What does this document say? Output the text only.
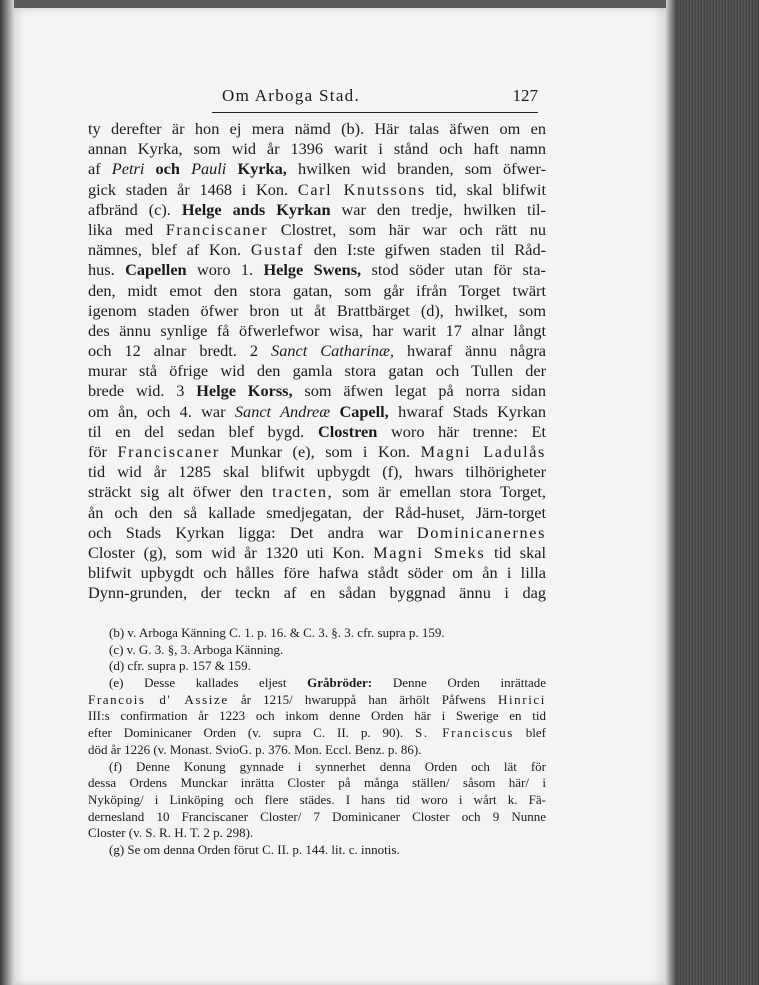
Om Arboga Stad.	127
ty derefter är hon ej mera nämd (b). Här talas äfwen om en
annan Kyrka, som wid år 1396 warit i stånd och haft namn
af Petri och Pauli Kyrka, hwilken wid branden, som öfwer-
gick staden år 1468 i Kon. Carl Knutssons tid, skal blifwit
afbränd (c). Helge ands Kyrkan war den tredje, hwilken til-
lika med Franciscaner Clostret, som här war och rätt nu
nämnes, blef af Kon. Gustaf den I:ste gifwen staden til Råd-
hus. Capellen woro 1. Helge Swens, stod söder utan för sta-
den, midt emot den stora gatan, som går ifrån Torget twärt
igenom staden öfwer bron ut åt Brattbärget (d), hwilket, som
des ännu synlige få öfwerlefwor wisa, har warit 17 alnar långt
och 12 alnar bredt. 2 Sanct Catharinæ, hwaraf ännu några
murar stå öfrige wid den gamla stora gatan och Tullen der
brede wid. 3 Helge Korss, som äfwen legat på norra sidan
om ån, och 4. war Sanct Andreæ Capell, hwaraf Stads Kyrkan
til en del sedan blef bygd. Clostren woro här trenne: Et
för Franciscaner Munkar (e), som i Kon. Magni Ladulås
tid wid år 1285 skal blifwit upbygdt (f), hwars tilhörigheter
sträckt sig alt öfwer den tracten, som är emellan stora Torget,
ån och den så kallade smedjegatan, der Råd-huset, Järn-torget
och Stads Kyrkan ligga: Det andra war Dominicanernes
Closter (g), som wid år 1320 uti Kon. Magni Smeks tid skal
blifwit upbygdt och hålles före hafwa stådt söder om ån i lilla
Dynn-grunden, der teckn af en sådan byggnad ännu i dag
(b) v. Arboga Känning C. 1. p. 16. & C. 3. §. 3. cfr. supra p. 159.
(c) v. G. 3. §, 3. Arboga Känning.
(d) cfr. supra p. 157 & 159.
(e) Desse kallades eljest Gråbröder: Denne Orden inrättade
Francois d' Assize år 1215/ hwaruppå han ärhölt Påfwens Hinrici
III:s confirmation år 1223 och inkom denne Orden här i Swerige en tid
efter Dominicaner Orden (v. supra C. II. p. 90). S. Franciscus blef
död år 1226 (v. Monast. SvioG. p. 376. Mon. Eccl. Benz. p. 86).
(f) Denne Konung gynnade i synnerhet denna Orden och lät för
dessa Ordens Munckar inrätta Closter på många ställen/ såsom här/ i
Nyköping/ i Linköping och flere städes. I hans tid woro i wårt k. Fä-
dernesland 10 Franciscaner Closter/ 7 Dominicaner Closter och 9 Nunne
Closter (v. S. R. H. T. 2 p. 298).
(g) Se om denna Orden förut C. II. p. 144. lit. c. innotis.
